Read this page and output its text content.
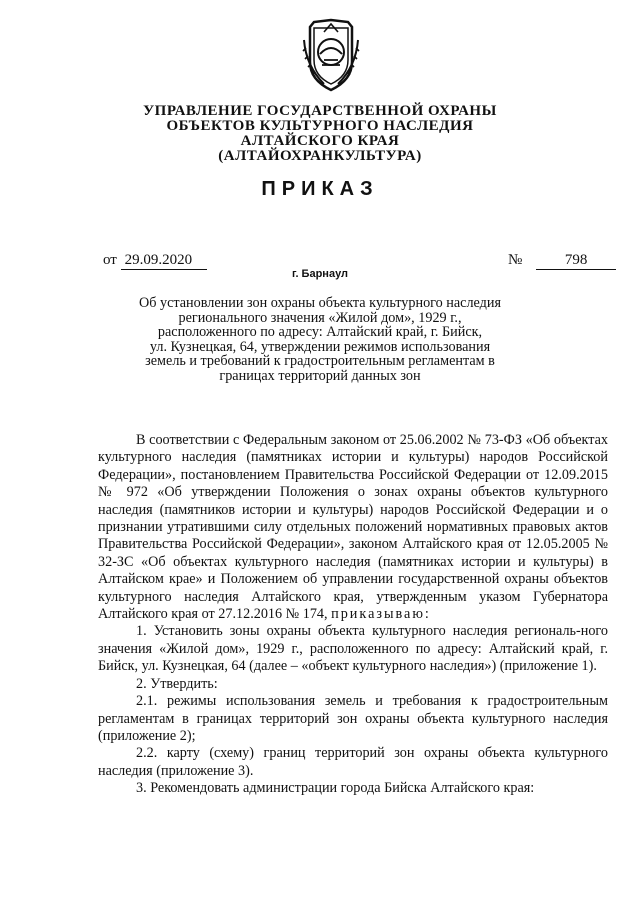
УПРАВЛЕНИЕ ГОСУДАРСТВЕННОЙ ОХРАНЫ
ОБЪЕКТОВ КУЛЬТУРНОГО НАСЛЕДИЯ
АЛТАЙСКОГО КРАЯ
(АЛТАЙОХРАНКУЛЬТУРА)
ПРИКАЗ
от 29.09.2020	№	798
г. Барнаул
Об установлении зон охраны объекта культурного наследия
регионального значения «Жилой дом», 1929 г.,
расположенного по адресу: Алтайский край, г. Бийск,
ул. Кузнецкая, 64, утверждении режимов использования
земель и требований к градостроительным регламентам в
границах территорий данных зон

В соответствии с Федеральным законом от 25.06.2002 № 73-ФЗ «Об объектах культурного наследия (памятниках истории и культуры) народов Российской Федерации», постановлением Правительства Российской Федерации от 12.09.2015 № 972 «Об утверждении Положения о зонах охраны объектов культурного наследия (памятников истории и культуры) народов Российской Федерации и о признании утратившими силу отдельных положений нормативных правовых актов Правительства Российской Федерации», законом Алтайского края от 12.05.2005 № 32-ЗС «Об объектах культурного наследия (памятниках истории и культуры) в Алтайском крае» и Положением об управлении государственной охраны объектов культурного наследия Алтайского края, утвержденным указом Губернатора Алтайского края от 27.12.2016 № 174, приказываю:

1. Установить зоны охраны объекта культурного наследия региональ-ного значения «Жилой дом», 1929 г., расположенного по адресу: Алтайский край, г. Бийск, ул. Кузнецкая, 64 (далее – «объект культурного наследия») (приложение 1).

2. Утвердить:

2.1. режимы использования земель и требования к градостроительным регламентам в границах территорий зон охраны объекта культурного наследия (приложение 2);

2.2. карту (схему) границ территорий зон охраны объекта культурного наследия (приложение 3).

3. Рекомендовать администрации города Бийска Алтайского края:
